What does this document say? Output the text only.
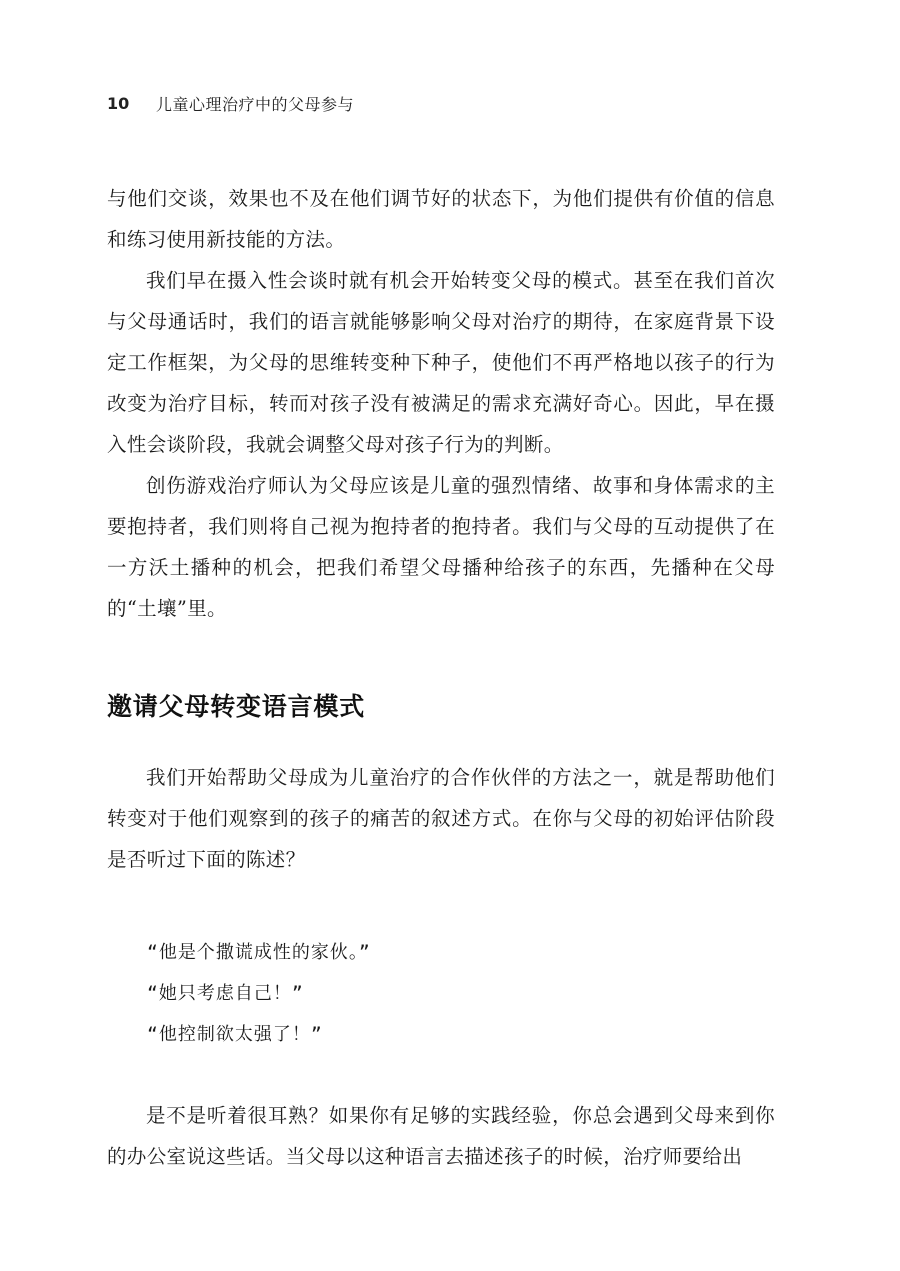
10	儿童心理治疗中的父母参与

与他们交谈，效果也不及在他们调节好的状态下，为他们提供有价值的信息和练习使用新技能的方法。

我们早在摄入性会谈时就有机会开始转变父母的模式。甚至在我们首次与父母通话时，我们的语言就能够影响父母对治疗的期待，在家庭背景下设定工作框架，为父母的思维转变种下种子，使他们不再严格地以孩子的行为改变为治疗目标，转而对孩子没有被满足的需求充满好奇心。因此，早在摄入性会谈阶段，我就会调整父母对孩子行为的判断。

创伤游戏治疗师认为父母应该是儿童的强烈情绪、故事和身体需求的主要抱持者，我们则将自己视为抱持者的抱持者。我们与父母的互动提供了在一方沃土播种的机会，把我们希望父母播种给孩子的东西，先播种在父母的“土壤”里。

邀请父母转变语言模式

我们开始帮助父母成为儿童治疗的合作伙伴的方法之一，就是帮助他们转变对于他们观察到的孩子的痛苦的叙述方式。在你与父母的初始评估阶段是否听过下面的陈述？

“他是个撒谎成性的家伙。”
“她只考虑自己！”
“他控制欲太强了！”

是不是听着很耳熟？如果你有足够的实践经验，你总会遇到父母来到你的办公室说这些话。当父母以这种语言去描述孩子的时候，治疗师要给出
